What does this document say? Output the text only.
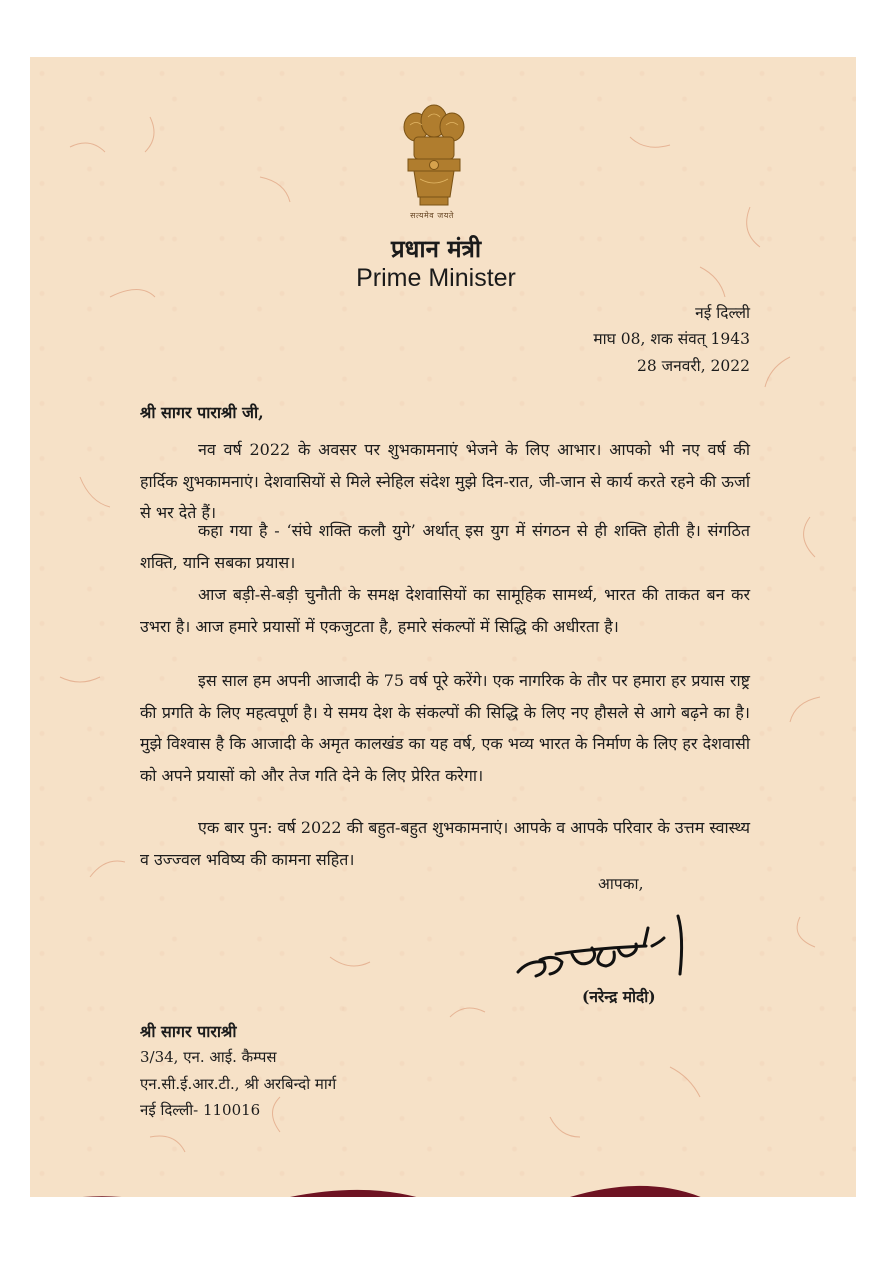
सत्यमेव जयते
प्रधान मंत्री
Prime Minister
नई दिल्ली
माघ 08, शक संवत् 1943
28 जनवरी, 2022
श्री सागर पाराश्री जी,

नव वर्ष 2022 के अवसर पर शुभकामनाएं भेजने के लिए आभार। आपको भी नए वर्ष की हार्दिक शुभकामनाएं। देशवासियों से मिले स्नेहिल संदेश मुझे दिन-रात, जी-जान से कार्य करते रहने की ऊर्जा से भर देते हैं।

कहा गया है - ‘संघे शक्ति कलौ युगे’ अर्थात् इस युग में संगठन से ही शक्ति होती है। संगठित शक्ति, यानि सबका प्रयास।

आज बड़ी-से-बड़ी चुनौती के समक्ष देशवासियों का सामूहिक सामर्थ्य, भारत की ताकत बन कर उभरा है। आज हमारे प्रयासों में एकजुटता है, हमारे संकल्पों में सिद्धि की अधीरता है।

इस साल हम अपनी आजादी के 75 वर्ष पूरे करेंगे। एक नागरिक के तौर पर हमारा हर प्रयास राष्ट्र की प्रगति के लिए महत्वपूर्ण है। ये समय देश के संकल्पों की सिद्धि के लिए नए हौसले से आगे बढ़ने का है। मुझे विश्वास है कि आजादी के अमृत कालखंड का यह वर्ष, एक भव्य भारत के निर्माण के लिए हर देशवासी को अपने प्रयासों को और तेज गति देने के लिए प्रेरित करेगा।

एक बार पुन: वर्ष 2022 की बहुत-बहुत शुभकामनाएं। आपके व आपके परिवार के उत्तम स्वास्थ्य व उज्ज्वल भविष्य की कामना सहित।

आपका,
(नरेन्द्र मोदी)
श्री सागर पाराश्री
3/34, एन. आई. कैम्पस
एन.सी.ई.आर.टी., श्री अरबिन्दो मार्ग
नई दिल्ली- 110016
